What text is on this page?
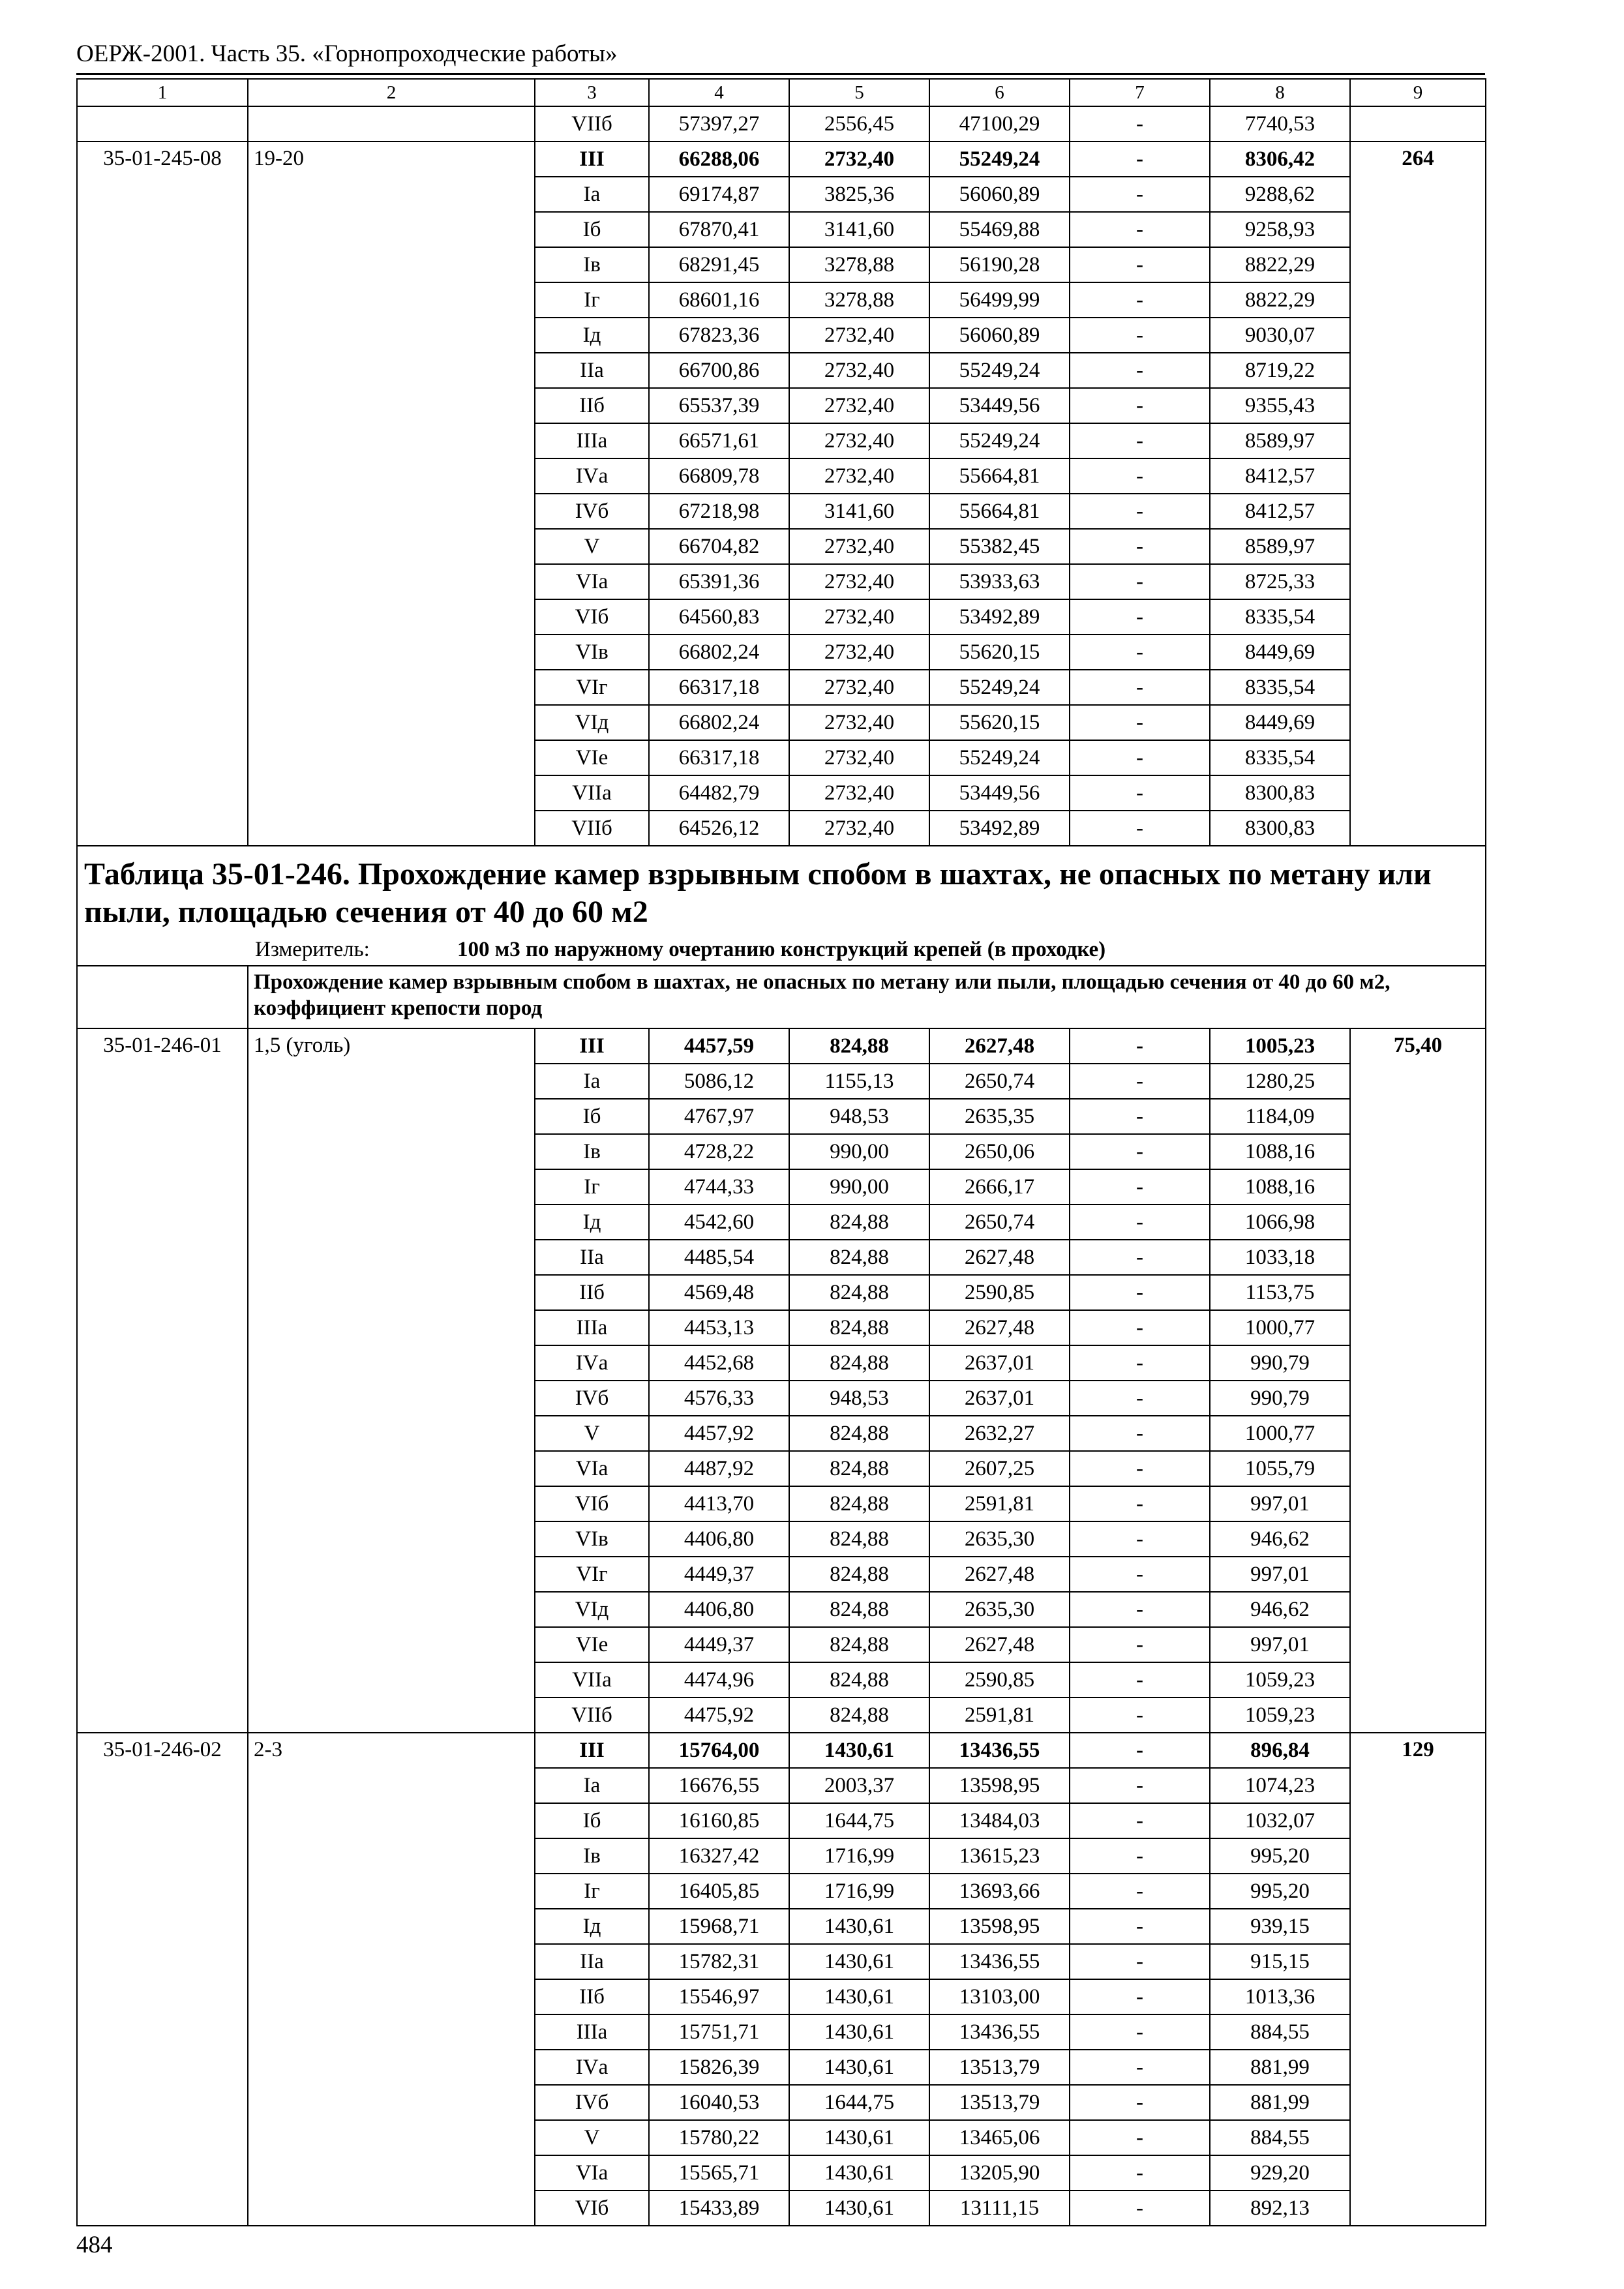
ОЕРЖ-2001. Часть 35. «Горнопроходческие работы»
1	2	3	4	5	6	7	8	9
		VIIб	57397,27	2556,45	47100,29	-	7740,53	
35-01-245-08	19-20	III	66288,06	2732,40	55249,24	-	8306,42	264
		Iа	69174,87	3825,36	56060,89	-	9288,62	
		Iб	67870,41	3141,60	55469,88	-	9258,93	
		Iв	68291,45	3278,88	56190,28	-	8822,29	
		Iг	68601,16	3278,88	56499,99	-	8822,29	
		Iд	67823,36	2732,40	56060,89	-	9030,07	
		IIа	66700,86	2732,40	55249,24	-	8719,22	
		IIб	65537,39	2732,40	53449,56	-	9355,43	
		IIIа	66571,61	2732,40	55249,24	-	8589,97	
		IVа	66809,78	2732,40	55664,81	-	8412,57	
		IVб	67218,98	3141,60	55664,81	-	8412,57	
		V	66704,82	2732,40	55382,45	-	8589,97	
		VIа	65391,36	2732,40	53933,63	-	8725,33	
		VIб	64560,83	2732,40	53492,89	-	8335,54	
		VIв	66802,24	2732,40	55620,15	-	8449,69	
		VIг	66317,18	2732,40	55249,24	-	8335,54	
		VIд	66802,24	2732,40	55620,15	-	8449,69	
		VIе	66317,18	2732,40	55249,24	-	8335,54	
		VIIа	64482,79	2732,40	53449,56	-	8300,83	
		VIIб	64526,12	2732,40	53492,89	-	8300,83	

Таблица 35-01-246. Прохождение камер взрывным спобом в шахтах, не опасных по метану или пыли, площадью сечения от 40 до 60 м2
Измеритель: 100 м3 по наружному очертанию конструкций крепей (в проходке)								

	Прохождение камер взрывным спобом в шахтах, не опасных по метану или пыли, площадью сечения от 40 до 60 м2, коэффициент крепости пород							
35-01-246-01	1,5 (уголь)	III	4457,59	824,88	2627,48	-	1005,23	75,40
		Iа	5086,12	1155,13	2650,74	-	1280,25	
		Iб	4767,97	948,53	2635,35	-	1184,09	
		Iв	4728,22	990,00	2650,06	-	1088,16	
		Iг	4744,33	990,00	2666,17	-	1088,16	
		Iд	4542,60	824,88	2650,74	-	1066,98	
		IIа	4485,54	824,88	2627,48	-	1033,18	
		IIб	4569,48	824,88	2590,85	-	1153,75	
		IIIа	4453,13	824,88	2627,48	-	1000,77	
		IVа	4452,68	824,88	2637,01	-	990,79	
		IVб	4576,33	948,53	2637,01	-	990,79	
		V	4457,92	824,88	2632,27	-	1000,77	
		VIа	4487,92	824,88	2607,25	-	1055,79	
		VIб	4413,70	824,88	2591,81	-	997,01	
		VIв	4406,80	824,88	2635,30	-	946,62	
		VIг	4449,37	824,88	2627,48	-	997,01	
		VIд	4406,80	824,88	2635,30	-	946,62	
		VIе	4449,37	824,88	2627,48	-	997,01	
		VIIа	4474,96	824,88	2590,85	-	1059,23	
		VIIб	4475,92	824,88	2591,81	-	1059,23	
35-01-246-02	2-3	III	15764,00	1430,61	13436,55	-	896,84	129
		Iа	16676,55	2003,37	13598,95	-	1074,23	
		Iб	16160,85	1644,75	13484,03	-	1032,07	
		Iв	16327,42	1716,99	13615,23	-	995,20	
		Iг	16405,85	1716,99	13693,66	-	995,20	
		Iд	15968,71	1430,61	13598,95	-	939,15	
		IIа	15782,31	1430,61	13436,55	-	915,15	
		IIб	15546,97	1430,61	13103,00	-	1013,36	
		IIIа	15751,71	1430,61	13436,55	-	884,55	
		IVа	15826,39	1430,61	13513,79	-	881,99	
		IVб	16040,53	1644,75	13513,79	-	881,99	
		V	15780,22	1430,61	13465,06	-	884,55	
		VIа	15565,71	1430,61	13205,90	-	929,20	
		VIб	15433,89	1430,61	13111,15	-	892,13	
484
